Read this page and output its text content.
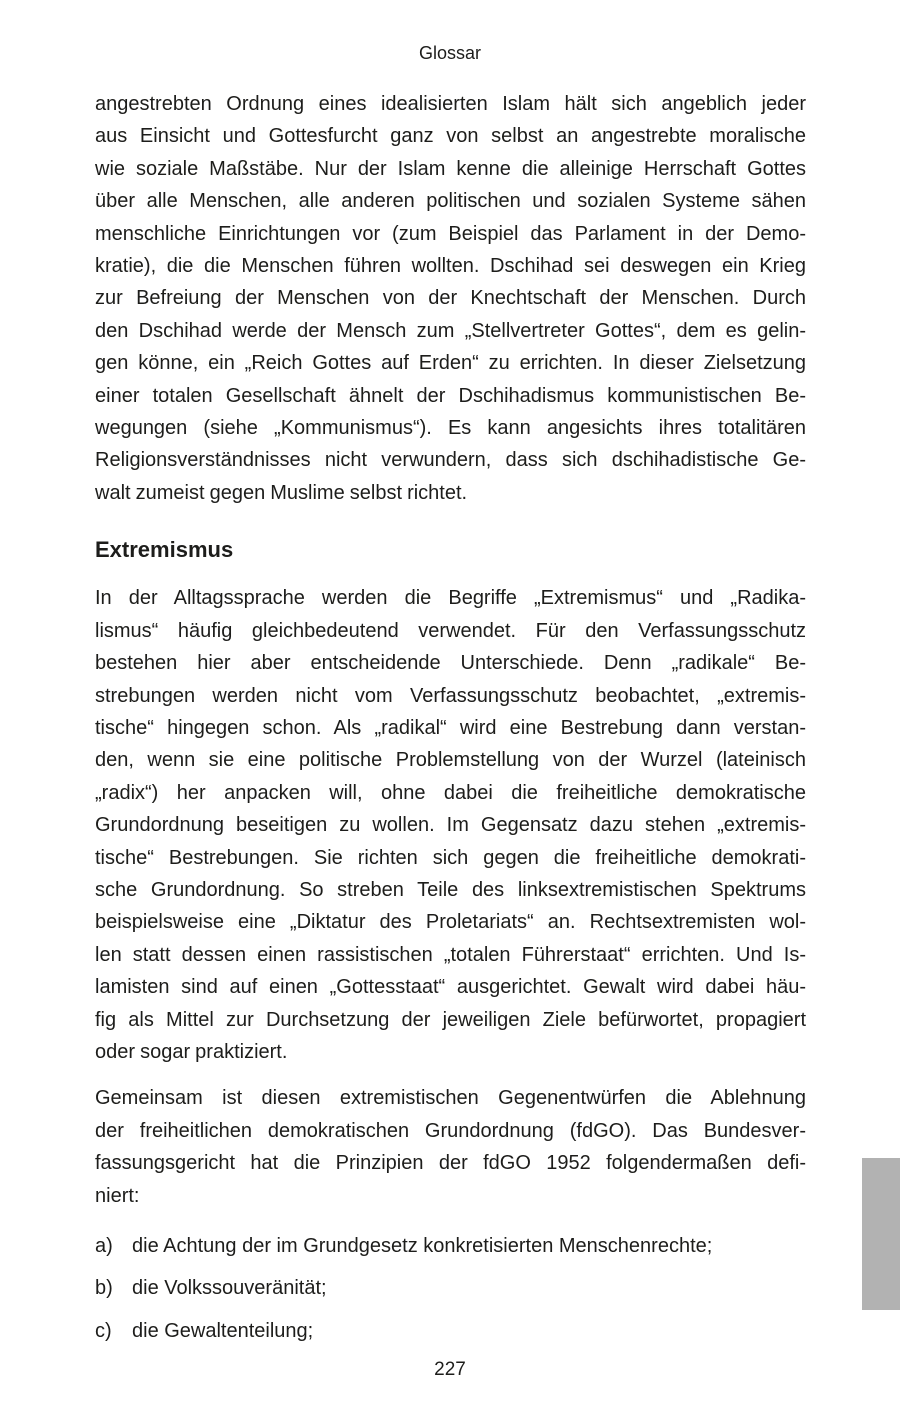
Glossar
angestrebten Ordnung eines idealisierten Islam hält sich angeblich jeder
aus Einsicht und Gottesfurcht ganz von selbst an angestrebte moralische
wie soziale Maßstäbe. Nur der Islam kenne die alleinige Herrschaft Gottes
über alle Menschen, alle anderen politischen und sozialen Systeme sähen
menschliche Einrichtungen vor (zum Beispiel das Parlament in der Demo-
kratie), die die Menschen führen wollten. Dschihad sei deswegen ein Krieg
zur Befreiung der Menschen von der Knechtschaft der Menschen. Durch
den Dschihad werde der Mensch zum „Stellvertreter Gottes“, dem es gelin-
gen könne, ein „Reich Gottes auf Erden“ zu errichten. In dieser Zielsetzung
einer totalen Gesellschaft ähnelt der Dschihadismus kommunistischen Be-
wegungen (siehe „Kommunismus“). Es kann angesichts ihres totalitären
Religionsverständnisses nicht verwundern, dass sich dschihadistische Ge-
walt zumeist gegen Muslime selbst richtet.
Extremismus
In der Alltagssprache werden die Begriffe „Extremismus“ und „Radika-
lismus“ häufig gleichbedeutend verwendet. Für den Verfassungsschutz
bestehen hier aber entscheidende Unterschiede. Denn „radikale“ Be-
strebungen werden nicht vom Verfassungsschutz beobachtet, „extremis-
tische“ hingegen schon. Als „radikal“ wird eine Bestrebung dann verstan-
den, wenn sie eine politische Problemstellung von der Wurzel (lateinisch
„radix“) her anpacken will, ohne dabei die freiheitliche demokratische
Grundordnung beseitigen zu wollen. Im Gegensatz dazu stehen „extremis-
tische“ Bestrebungen. Sie richten sich gegen die freiheitliche demokrati-
sche Grundordnung. So streben Teile des linksextremistischen Spektrums
beispielsweise eine „Diktatur des Proletariats“ an. Rechtsextremisten wol-
len statt dessen einen rassistischen „totalen Führerstaat“ errichten. Und Is-
lamisten sind auf einen „Gottesstaat“ ausgerichtet. Gewalt wird dabei häu-
fig als Mittel zur Durchsetzung der jeweiligen Ziele befürwortet, propagiert
oder sogar praktiziert.
Gemeinsam ist diesen extremistischen Gegenentwürfen die Ablehnung
der freiheitlichen demokratischen Grundordnung (fdGO). Das Bundesver-
fassungsgericht hat die Prinzipien der fdGO 1952 folgendermaßen defi-
niert:
a) die Achtung der im Grundgesetz konkretisierten Menschenrechte;
b) die Volkssouveränität;
c)	die Gewaltenteilung;
227
